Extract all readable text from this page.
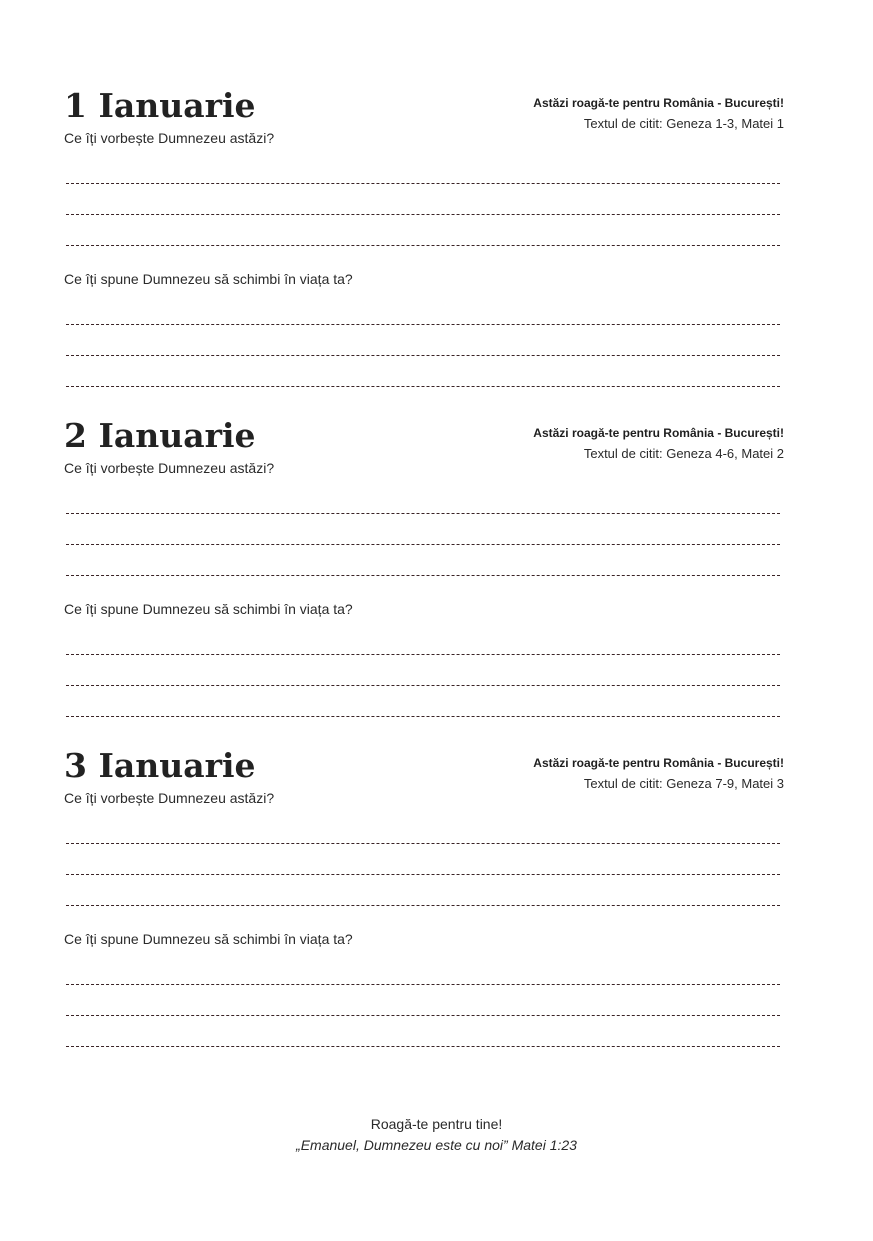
1 Ianuarie	Astăzi roagă-te pentru România - București!
Textul de citit: Geneza 1-3, Matei 1
Ce îți vorbește Dumnezeu astăzi?
Ce îți spune Dumnezeu să schimbi în viața ta?
2 Ianuarie	Astăzi roagă-te pentru România - București!
Textul de citit: Geneza 4-6, Matei 2
Ce îți vorbește Dumnezeu astăzi?
Ce îți spune Dumnezeu să schimbi în viața ta?
3 Ianuarie	Astăzi roagă-te pentru România - București!
Textul de citit: Geneza 7-9, Matei 3
Ce îți vorbește Dumnezeu astăzi?
Ce îți spune Dumnezeu să schimbi în viața ta?
Roagă-te pentru tine!
„Emanuel, Dumnezeu este cu noi” Matei 1:23
